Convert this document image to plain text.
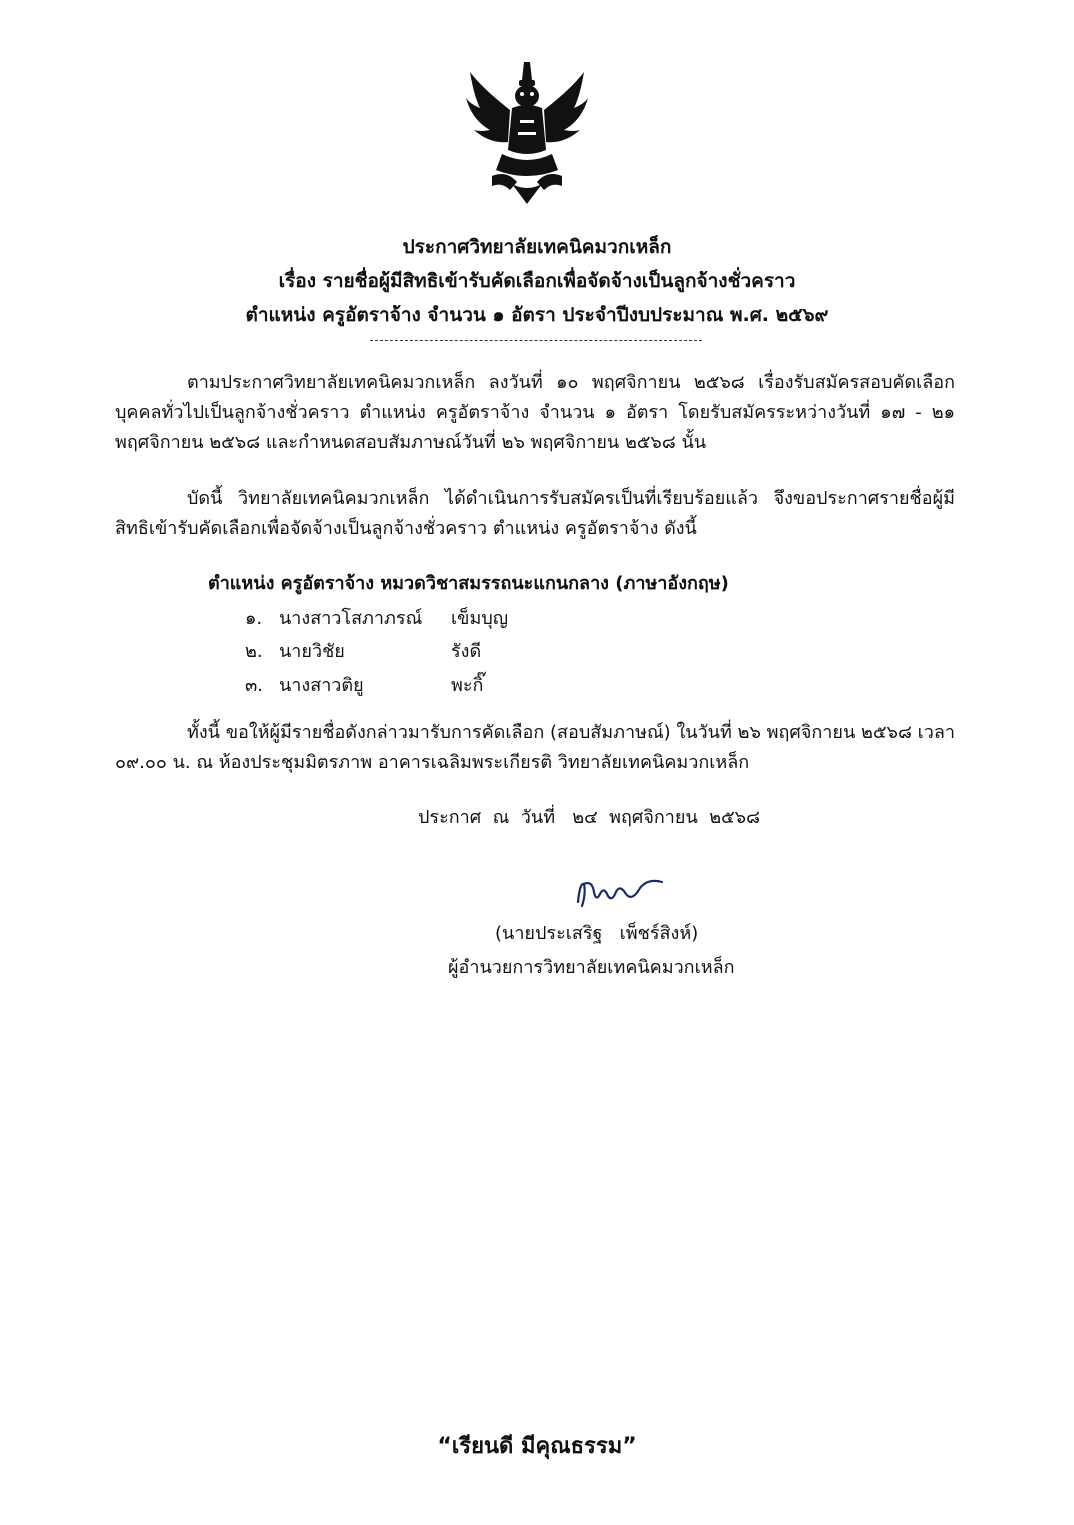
ประกาศวิทยาลัยเทคนิคมวกเหล็ก
เรื่อง รายชื่อผู้มีสิทธิเข้ารับคัดเลือกเพื่อจัดจ้างเป็นลูกจ้างชั่วคราว
ตำแหน่ง ครูอัตราจ้าง จำนวน ๑ อัตรา ประจำปีงบประมาณ พ.ศ. ๒๕๖๙
ตามประกาศวิทยาลัยเทคนิคมวกเหล็ก ลงวันที่ ๑๐ พฤศจิกายน ๒๕๖๘ เรื่องรับสมัครสอบคัดเลือกบุคคลทั่วไปเป็นลูกจ้างชั่วคราว ตำแหน่ง ครูอัตราจ้าง จำนวน ๑ อัตรา โดยรับสมัครระหว่างวันที่ ๑๗ - ๒๑ พฤศจิกายน ๒๕๖๘ และกำหนดสอบสัมภาษณ์วันที่ ๒๖ พฤศจิกายน ๒๕๖๘ นั้น
บัดนี้ วิทยาลัยเทคนิคมวกเหล็ก ได้ดำเนินการรับสมัครเป็นที่เรียบร้อยแล้ว จึงขอประกาศรายชื่อผู้มีสิทธิเข้ารับคัดเลือกเพื่อจัดจ้างเป็นลูกจ้างชั่วคราว ตำแหน่ง ครูอัตราจ้าง ดังนี้
ตำแหน่ง ครูอัตราจ้าง หมวดวิชาสมรรถนะแกนกลาง (ภาษาอังกฤษ)
๑. นางสาวโสภาภรณ์ เข็มบุญ
๒. นายวิชัย	รังดี
๓. นางสาวติยู	พะกิ๊
ทั้งนี้ ขอให้ผู้มีรายชื่อดังกล่าวมารับการคัดเลือก (สอบสัมภาษณ์) ในวันที่ ๒๖ พฤศจิกายน ๒๕๖๘ เวลา ๐๙.๐๐ น. ณ ห้องประชุมมิตรภาพ อาคารเฉลิมพระเกียรติ วิทยาลัยเทคนิคมวกเหล็ก
ประกาศ  ณ  วันที่   ๒๔  พฤศจิกายน  ๒๕๖๘
(นายประเสริฐ   เพ็ชร์สิงห์)
ผู้อำนวยการวิทยาลัยเทคนิคมวกเหล็ก
“เรียนดี มีคุณธรรม”
